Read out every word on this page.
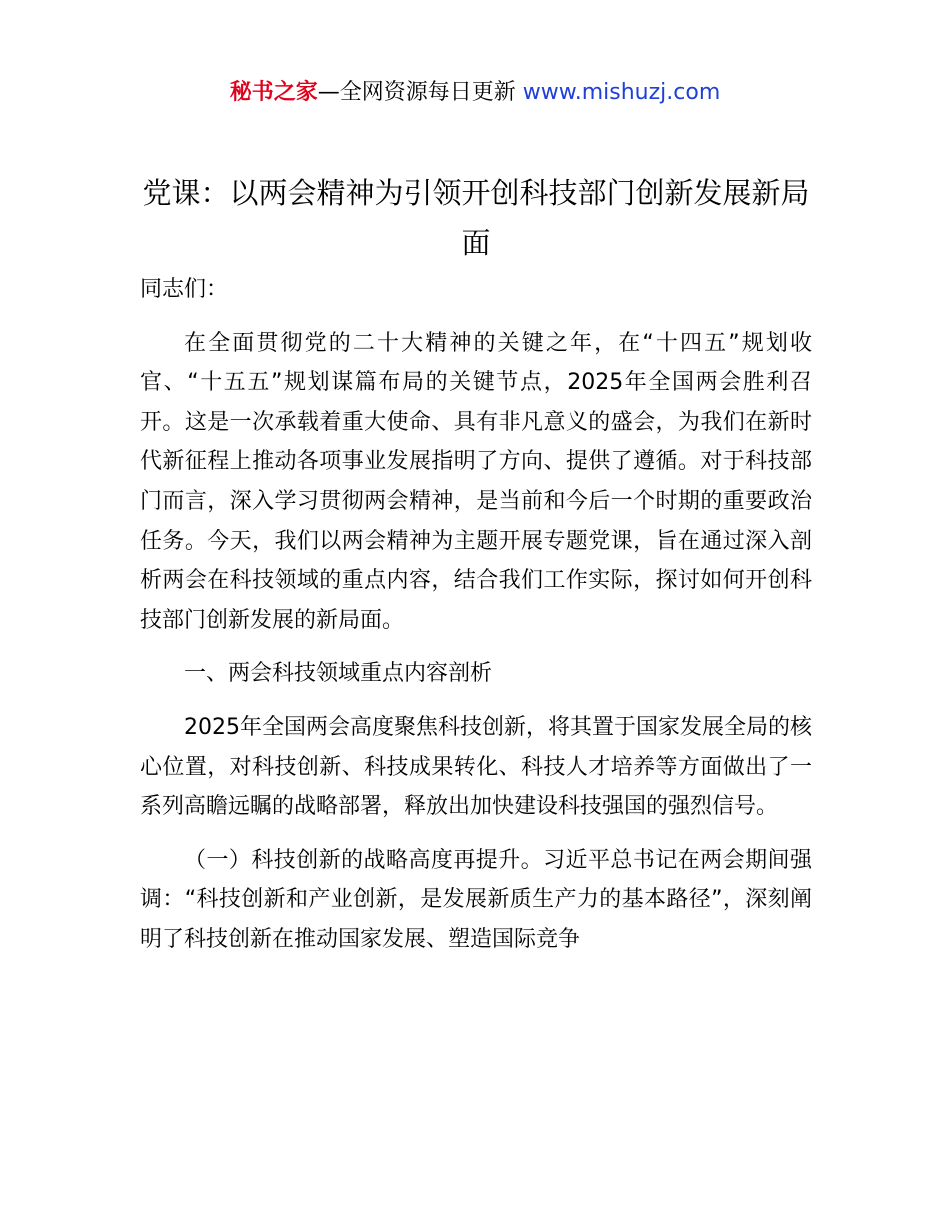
秘书之家—全网资源每日更新 www.mishuzj.com
党课：以两会精神为引领开创科技部门创新发展新局面

同志们：

在全面贯彻党的二十大精神的关键之年，在“十四五”规划收官、“十五五”规划谋篇布局的关键节点，2025年全国两会胜利召开。这是一次承载着重大使命、具有非凡意义的盛会，为我们在新时代新征程上推动各项事业发展指明了方向、提供了遵循。对于科技部门而言，深入学习贯彻两会精神，是当前和今后一个时期的重要政治任务。今天，我们以两会精神为主题开展专题党课，旨在通过深入剖析两会在科技领域的重点内容，结合我们工作实际，探讨如何开创科技部门创新发展的新局面。

一、两会科技领域重点内容剖析

2025年全国两会高度聚焦科技创新，将其置于国家发展全局的核心位置，对科技创新、科技成果转化、科技人才培养等方面做出了一系列高瞻远瞩的战略部署，释放出加快建设科技强国的强烈信号。

（一）科技创新的战略高度再提升。习近平总书记在两会期间强调：“科技创新和产业创新，是发展新质生产力的基本路径”，深刻阐明了科技创新在推动国家发展、塑造国际竞争
